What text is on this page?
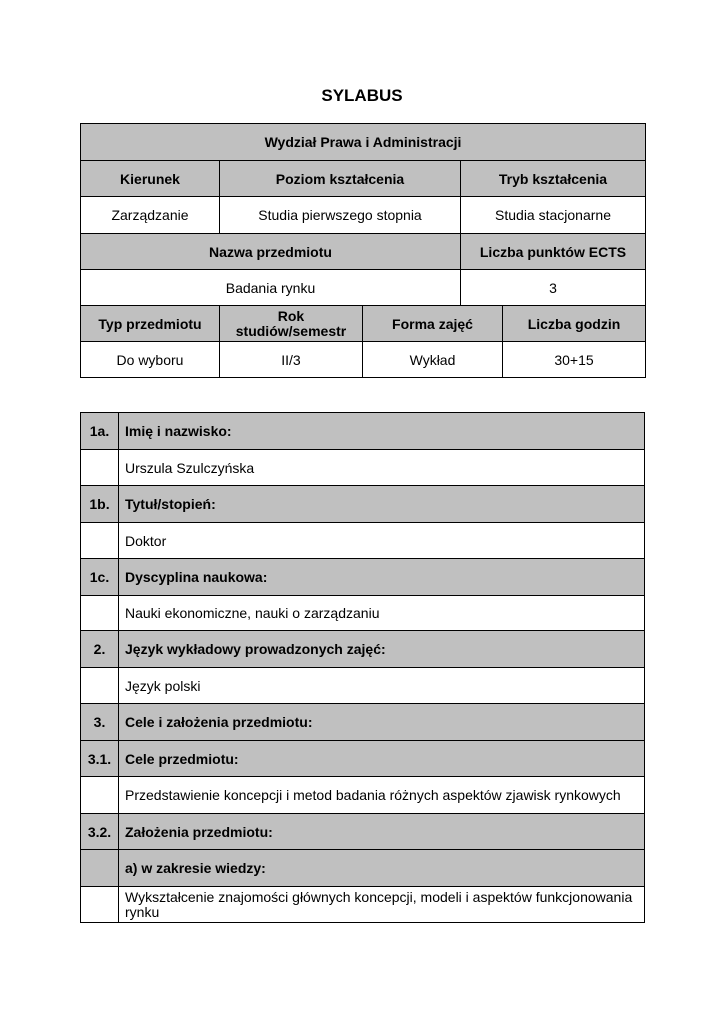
SYLABUS
Wydział Prawa i Administracji				
Kierunek	Poziom kształcenia		Tryb kształcenia	
Zarządzanie	Studia pierwszego stopnia		Studia stacjonarne	
Nazwa przedmiotu			Liczba punktów ECTS	
Badania rynku			3	
Typ przedmiotu	Rok studiów/semestr	Forma zajęć		Liczba godzin
Do wyboru	II/3	Wykład		30+15
1a.	Imię i nazwisko:
	Urszula Szulczyńska
1b.	Tytuł/stopień:
	Doktor
1c.	Dyscyplina naukowa:
	Nauki ekonomiczne, nauki o zarządzaniu
2.	Język wykładowy prowadzonych zajęć:
	Język polski
3.	Cele i założenia przedmiotu:
3.1.	Cele przedmiotu:
	Przedstawienie koncepcji i metod badania różnych aspektów zjawisk rynkowych
3.2.	Założenia przedmiotu:
	a) w zakresie wiedzy:
	Wykształcenie znajomości głównych koncepcji, modeli i aspektów funkcjonowania rynku
